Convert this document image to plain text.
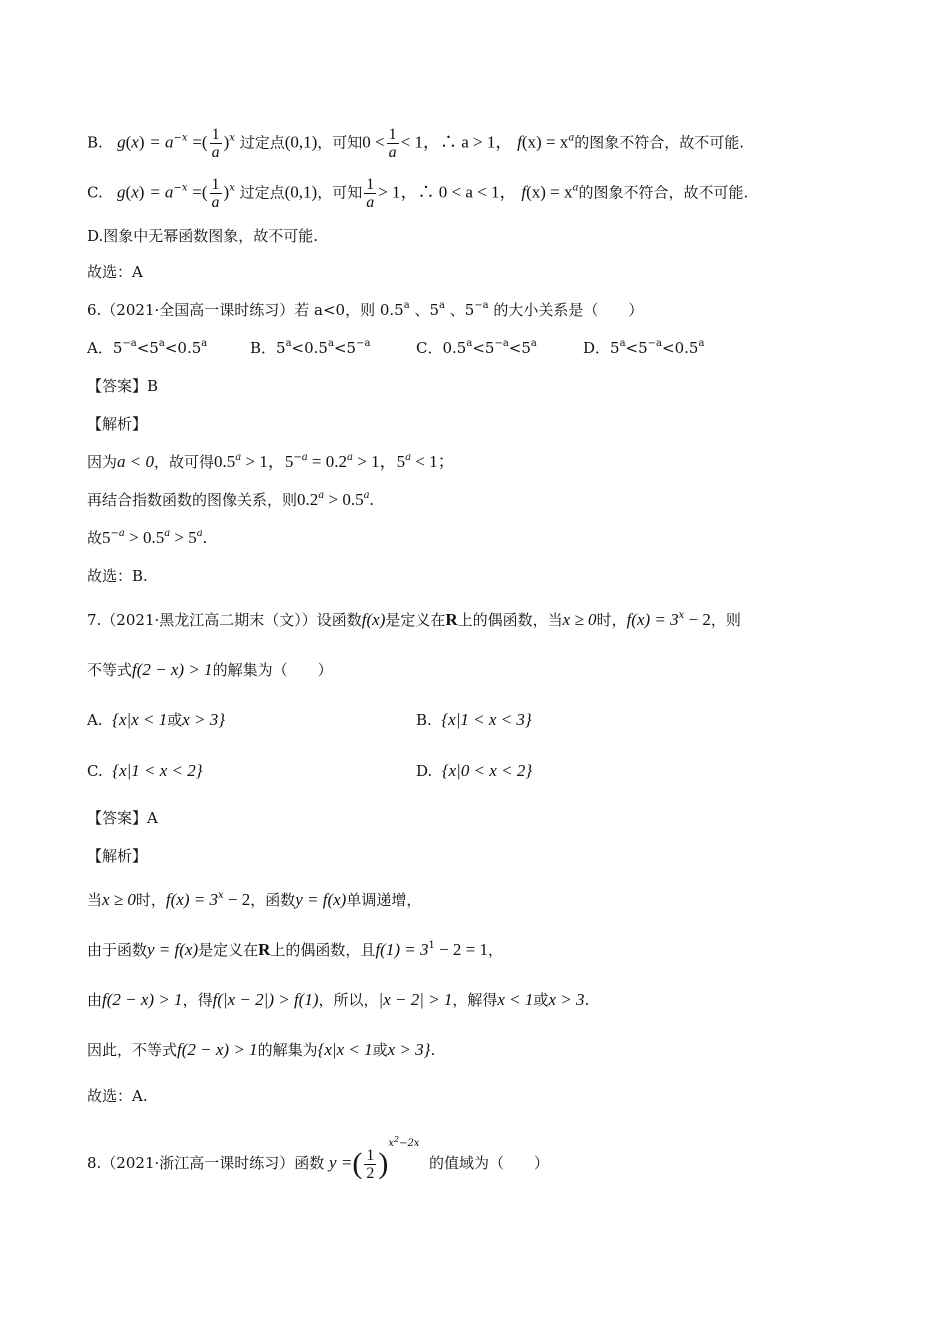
B. $g(x) = a^{-x}$ =( $\frac{1}{a} )^x$ 过定点(0,1)，可知$0 < \frac{1}{a} < 1$，∴ a > 1， $f(x) = x^a$的图象不符合，故不可能.
C. $g(x) = a^{-x}$ =( $\frac{1}{a} )^x$ 过定点(0,1)，可知 $\frac{1}{a} > 1$，∴ 0 < a < 1， $f(x) = x^a$的图象不符合，故不可能.
D.图象中无幂函数图象，故不可能.
故选：A
6.（2021·全国高一课时练习）若 a<0，则 0.5$^a$ 、5$^a$ 、$5^{-a}$ 的大小关系是（　　）
A．$5^{-a}<5^a<0.5^a$	B．$5^a<0.5^a<5^{-a}$	C．$0.5^a<5^{-a}<5^a$	D．$5^a<5^{-a}<0.5^a$
【答案】B
【解析】
因为a < 0，故可得0.5$^a$ > 1，$5^{-a} = 0.2^a > 1$，$5^a < 1$；
再结合指数函数的图像关系，则0.2$^a$ > 0.5$^a$.
故$5^{-a} > 0.5^a > 5^a$.
故选：B.
7.（2021·黑龙江高二期末（文））设函数f(x)是定义在R上的偶函数，当x ≥ 0时，$f(x) = 3^x - 2$，则
不等式f(2 − x) > 1的解集为（　　）
A. {x|x < 1或x > 3}	B. {x|1 < x < 3}
C. {x|1 < x < 2}	D. {x|0 < x < 2}
【答案】A
【解析】
当x ≥ 0时，$f(x) = 3^x - 2$，函数y = f(x)单调递增，
由于函数y = f(x)是定义在R上的偶函数，且$f(1) = 3^1 - 2 = 1$，
由f(2 − x) > 1，得f(|x − 2|) > f(1)，所以，|x − 2| > 1，解得x < 1或x > 3.
因此，不等式f(2 − x) > 1的解集为{x|x < 1或x > 3}.
故选：A.
8.（2021·浙江高一课时练习）函数 y =( $\frac{1}{2} )^{x^2-2x}$  的值域为（　　）
